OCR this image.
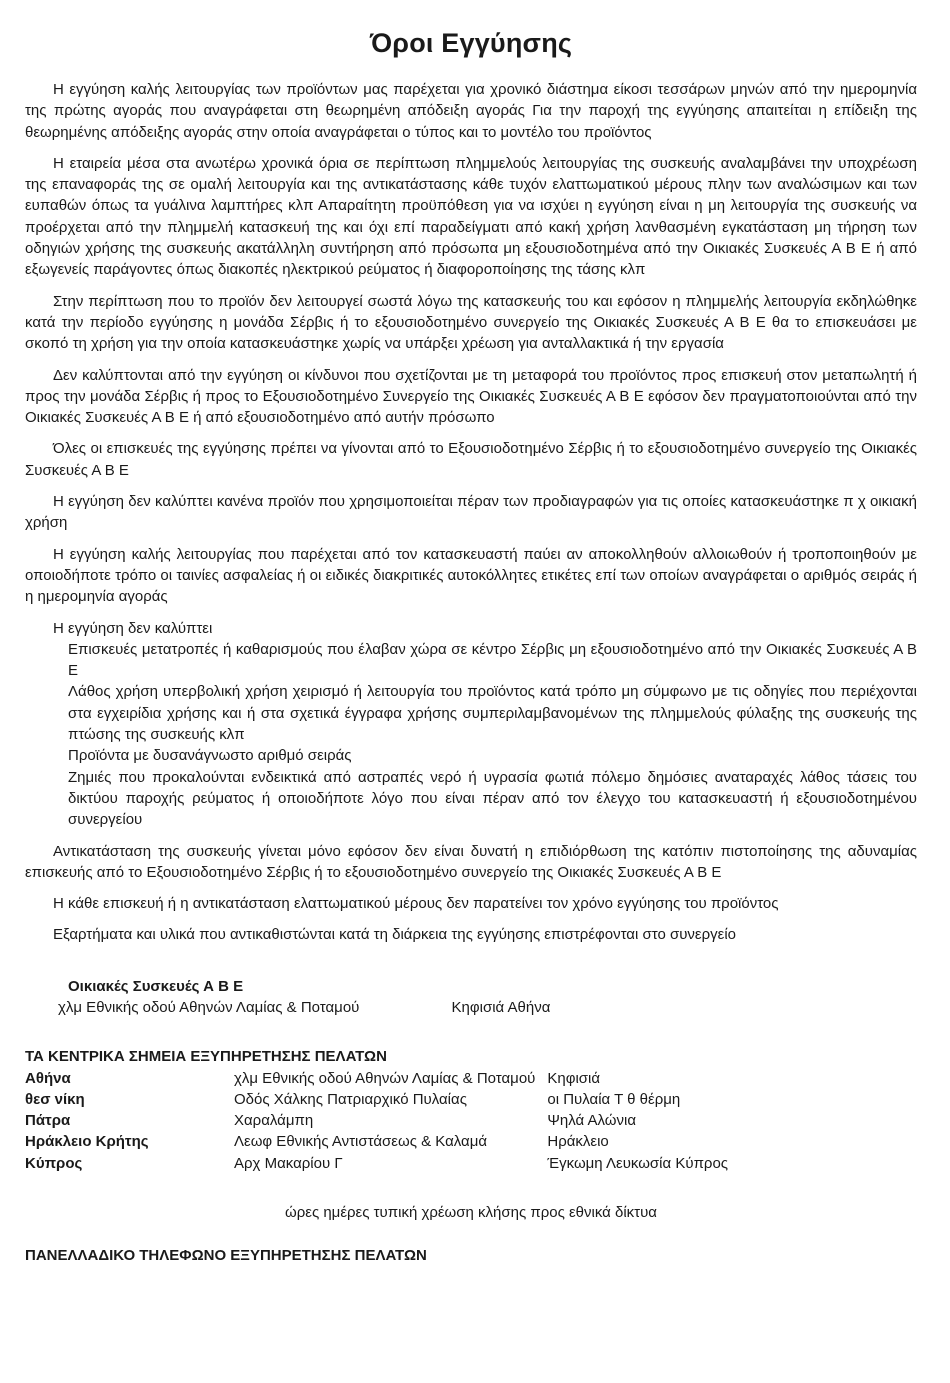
Όροι Εγγύησης

Η εγγύηση καλής λειτουργίας των προϊόντων μας παρέχεται για χρονικό διάστημα είκοσι τεσσάρων μηνών από την ημερομηνία της πρώτης αγοράς που αναγράφεται στη θεωρημένη απόδειξη αγοράς Για την παροχή της εγγύησης απαιτείται η επίδειξη της θεωρημένης απόδειξης αγοράς στην οποία αναγράφεται ο τύπος και το μοντέλο του προϊόντος

Η εταιρεία μέσα στα ανωτέρω χρονικά όρια σε περίπτωση πλημμελούς λειτουργίας της συσκευής αναλαμβάνει την υποχρέωση της επαναφοράς της σε ομαλή λειτουργία και της αντικατάστασης κάθε τυχόν ελαττωματικού μέρους πλην των αναλώσιμων και των ευπαθών όπως τα γυάλινα λαμπτήρες κλπ Απαραίτητη προϋπόθεση για να ισχύει η εγγύηση είναι η μη λειτουργία της συσκευής να προέρχεται από την πλημμελή κατασκευή της και όχι επί παραδείγματι από κακή χρήση λανθασμένη εγκατάσταση μη τήρηση των οδηγιών χρήσης της συσκευής ακατάλληλη συντήρηση από πρόσωπα μη εξουσιοδοτημένα από την Οικιακές Συσκευές Α Β Ε ή από εξωγενείς παράγοντες όπως διακοπές ηλεκτρικού ρεύματος ή διαφοροποίησης της τάσης κλπ

Στην περίπτωση που το προϊόν δεν λειτουργεί σωστά λόγω της κατασκευής του και εφόσον η πλημμελής λειτουργία εκδηλώθηκε κατά την περίοδο εγγύησης η μονάδα Σέρβις ή το εξουσιοδοτημένο συνεργείο της Οικιακές Συσκευές Α Β Ε θα το επισκευάσει με σκοπό τη χρήση για την οποία κατασκευάστηκε χωρίς να υπάρξει χρέωση για ανταλλακτικά ή την εργασία

Δεν καλύπτονται από την εγγύηση οι κίνδυνοι που σχετίζονται με τη μεταφορά του προϊόντος προς επισκευή στον μεταπωλητή ή προς την μονάδα Σέρβις ή προς το Εξουσιοδοτημένο Συνεργείο της Οικιακές Συσκευές Α Β Ε εφόσον δεν πραγματοποιούνται από την Οικιακές Συσκευές Α Β Ε ή από εξουσιοδοτημένο από αυτήν πρόσωπο

Όλες οι επισκευές της εγγύησης πρέπει να γίνονται από το Εξουσιοδοτημένο Σέρβις ή το εξουσιοδοτημένο συνεργείο της Οικιακές Συσκευές Α Β Ε

Η εγγύηση δεν καλύπτει κανένα προϊόν που χρησιμοποιείται πέραν των προδιαγραφών για τις οποίες κατασκευάστηκε π χ οικιακή χρήση

Η εγγύηση καλής λειτουργίας που παρέχεται από τον κατασκευαστή παύει αν αποκολληθούν αλλοιωθούν ή τροποποιηθούν με οποιοδήποτε τρόπο οι ταινίες ασφαλείας ή οι ειδικές διακριτικές αυτοκόλλητες ετικέτες επί των οποίων αναγράφεται ο αριθμός σειράς ή η ημερομηνία αγοράς

Η εγγύηση δεν καλύπτει
Επισκευές μετατροπές ή καθαρισμούς που έλαβαν χώρα σε κέντρο Σέρβις μη εξουσιοδοτημένο από την Οικιακές Συσκευές Α Β Ε
Λάθος χρήση υπερβολική χρήση χειρισμό ή λειτουργία του προϊόντος κατά τρόπο μη σύμφωνο με τις οδηγίες που περιέχονται στα εγχειρίδια χρήσης και ή στα σχετικά έγγραφα χρήσης συμπεριλαμβανομένων της πλημμελούς φύλαξης της συσκευής της πτώσης της συσκευής κλπ
Προϊόντα με δυσανάγνωστο αριθμό σειράς
Ζημιές που προκαλούνται ενδεικτικά από αστραπές νερό ή υγρασία φωτιά πόλεμο δημόσιες αναταραχές λάθος τάσεις του δικτύου παροχής ρεύματος ή οποιοδήποτε λόγο που είναι πέραν από τον έλεγχο του κατασκευαστή ή εξουσιοδοτημένου συνεργείου

Αντικατάσταση της συσκευής γίνεται μόνο εφόσον δεν είναι δυνατή η επιδιόρθωση της κατόπιν πιστοποίησης της αδυναμίας επισκευής από το Εξουσιοδοτημένο Σέρβις ή το εξουσιοδοτημένο συνεργείο της Οικιακές Συσκευές Α Β Ε

Η κάθε επισκευή ή η αντικατάσταση ελαττωματικού μέρους δεν παρατείνει τον χρόνο εγγύησης του προϊόντος

Εξαρτήματα και υλικά που αντικαθιστώνται κατά τη διάρκεια της εγγύησης επιστρέφονται στο συνεργείο

Οικιακές Συσκευές Α Β Ε
χλμ Εθνικής οδού Αθηνών Λαμίας & Ποταμού	Κηφισιά Αθήνα
ΤΑ ΚΕΝΤΡΙΚΑ ΣΗΜΕΙΑ ΕΞΥΠΗΡΕΤΗΣΗΣ ΠΕΛΑΤΩΝ
Αθήνα	χλμ Εθνικής οδού Αθηνών Λαμίας & Ποταμού	Κηφισιά
θεσ νίκη	Οδός Χάλκης Πατριαρχικό Πυλαίας	οι Πυλαία Τ θ θέρμη
Πάτρα	Χαραλάμπη	Ψηλά Αλώνια
Ηράκλειο Κρήτης	Λεωφ Εθνικής Αντιστάσεως & Καλαμά	Ηράκλειο
Κύπρος	Αρχ Μακαρίου Γ	Έγκωμη Λευκωσία Κύπρος
ώρες ημέρες τυπική χρέωση κλήσης προς εθνικά δίκτυα
ΠΑΝΕΛΛΑΔΙΚΟ ΤΗΛΕΦΩΝΟ ΕΞΥΠΗΡΕΤΗΣΗΣ ΠΕΛΑΤΩΝ
